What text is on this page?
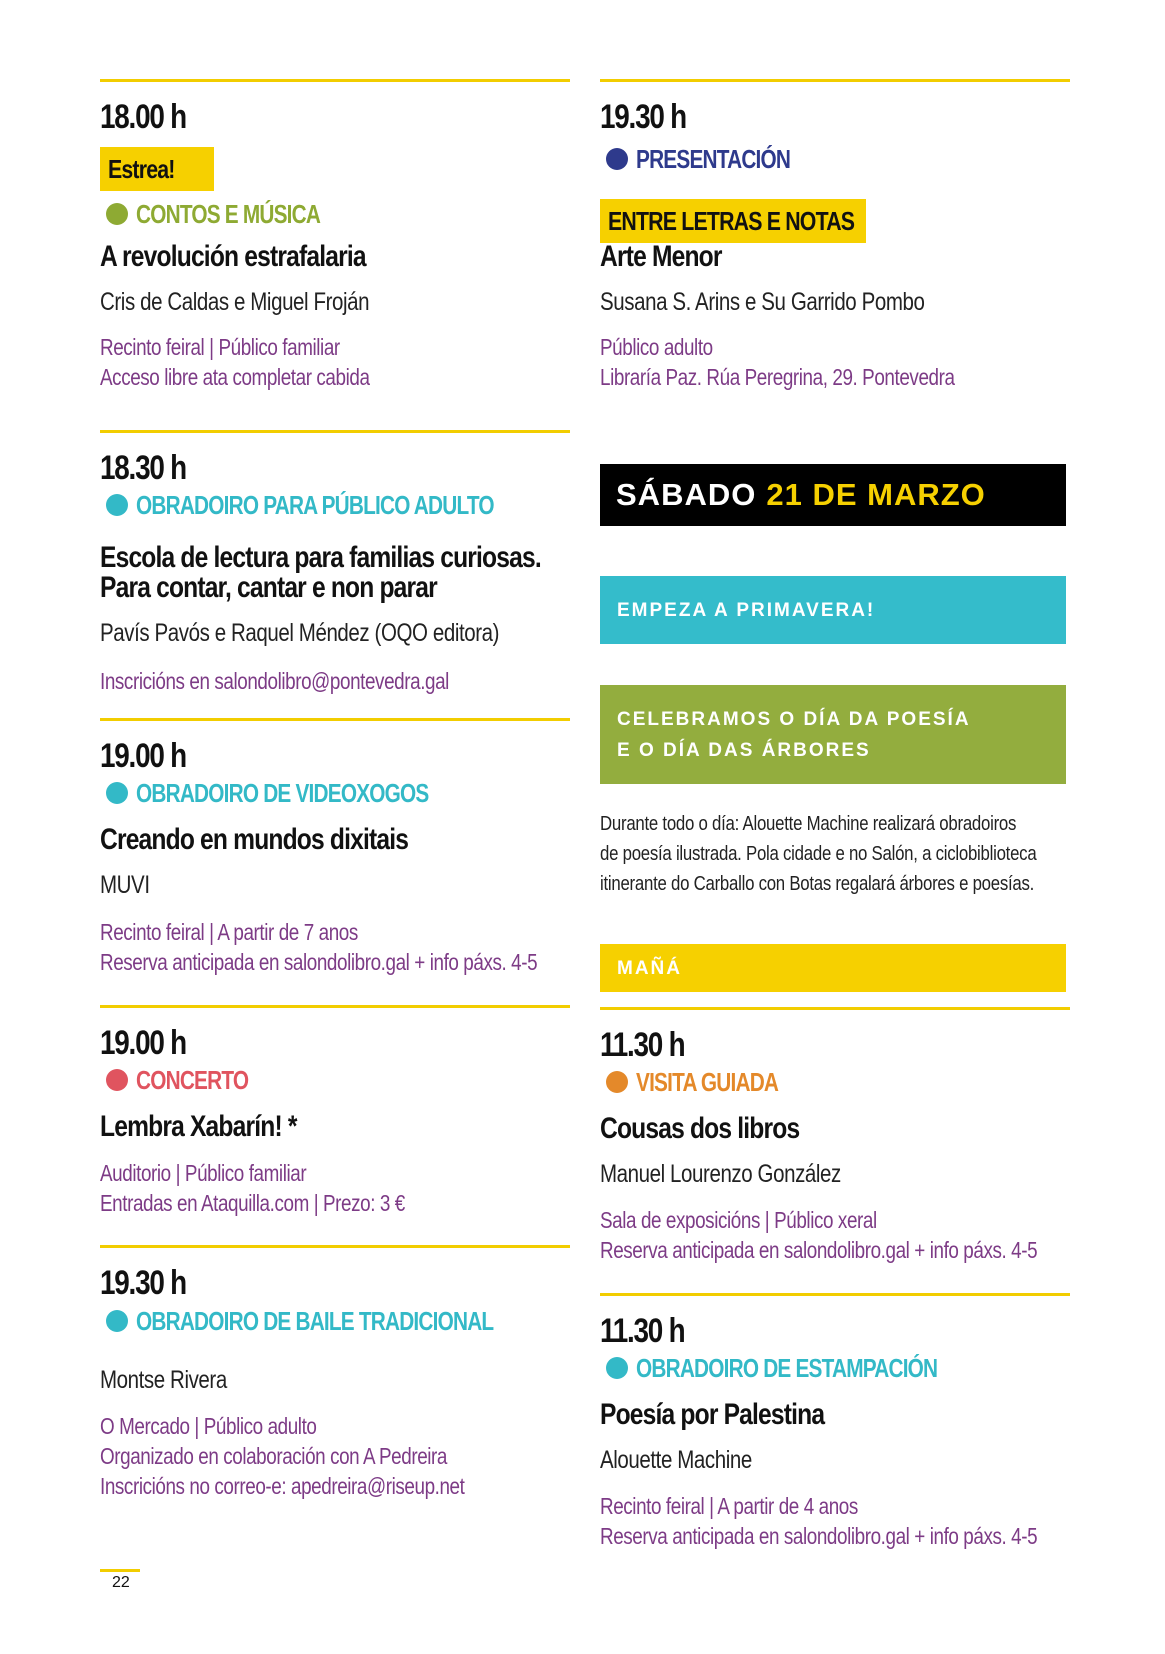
18.00 h
Estrea!
CONTOS E MÚSICA
A revolución estrafalaria
Cris de Caldas e Miguel Froján
Recinto feiral | Público familiar
Acceso libre ata completar cabida
18.30 h
OBRADOIRO PARA PÚBLICO ADULTO
Escola de lectura para familias curiosas.
Para contar, cantar e non parar
Pavís Pavós e Raquel Méndez (OQO editora)
Inscricións en salondolibro@pontevedra.gal
19.00 h
OBRADOIRO DE VIDEOXOGOS
Creando en mundos dixitais
MUVI
Recinto feiral | A partir de 7 anos
Reserva anticipada en salondolibro.gal + info páxs. 4-5
19.00 h
CONCERTO
Lembra Xabarín! *
Auditorio | Público familiar
Entradas en Ataquilla.com | Prezo: 3 €
19.30 h
OBRADOIRO DE BAILE TRADICIONAL
Montse Rivera
O Mercado | Público adulto
Organizado en colaboración con A Pedreira
Inscricións no correo-e: apedreira@riseup.net
19.30 h
PRESENTACIÓN
ENTRE LETRAS E NOTAS
Arte Menor
Susana S. Arins e Su Garrido Pombo
Público adulto
Libraría Paz. Rúa Peregrina, 29. Pontevedra
11.30 h
VISITA GUIADA
Cousas dos libros
Manuel Lourenzo González
Sala de exposicións | Público xeral
Reserva anticipada en salondolibro.gal + info páxs. 4-5
11.30 h
OBRADOIRO DE ESTAMPACIÓN
Poesía por Palestina
Alouette Machine
Recinto feiral | A partir de 4 anos
Reserva anticipada en salondolibro.gal + info páxs. 4-5
SÁBADO 21 DE MARZO
EMPEZA A PRIMAVERA!
CELEBRAMOS O DÍA DA POESÍA
E O DÍA DAS ÁRBORES
Durante todo o día: Alouette Machine realizará obradoiros
de poesía ilustrada. Pola cidade e no Salón, a ciclobiblioteca
itinerante do Carballo con Botas regalará árbores e poesías.
MAÑÁ
22
